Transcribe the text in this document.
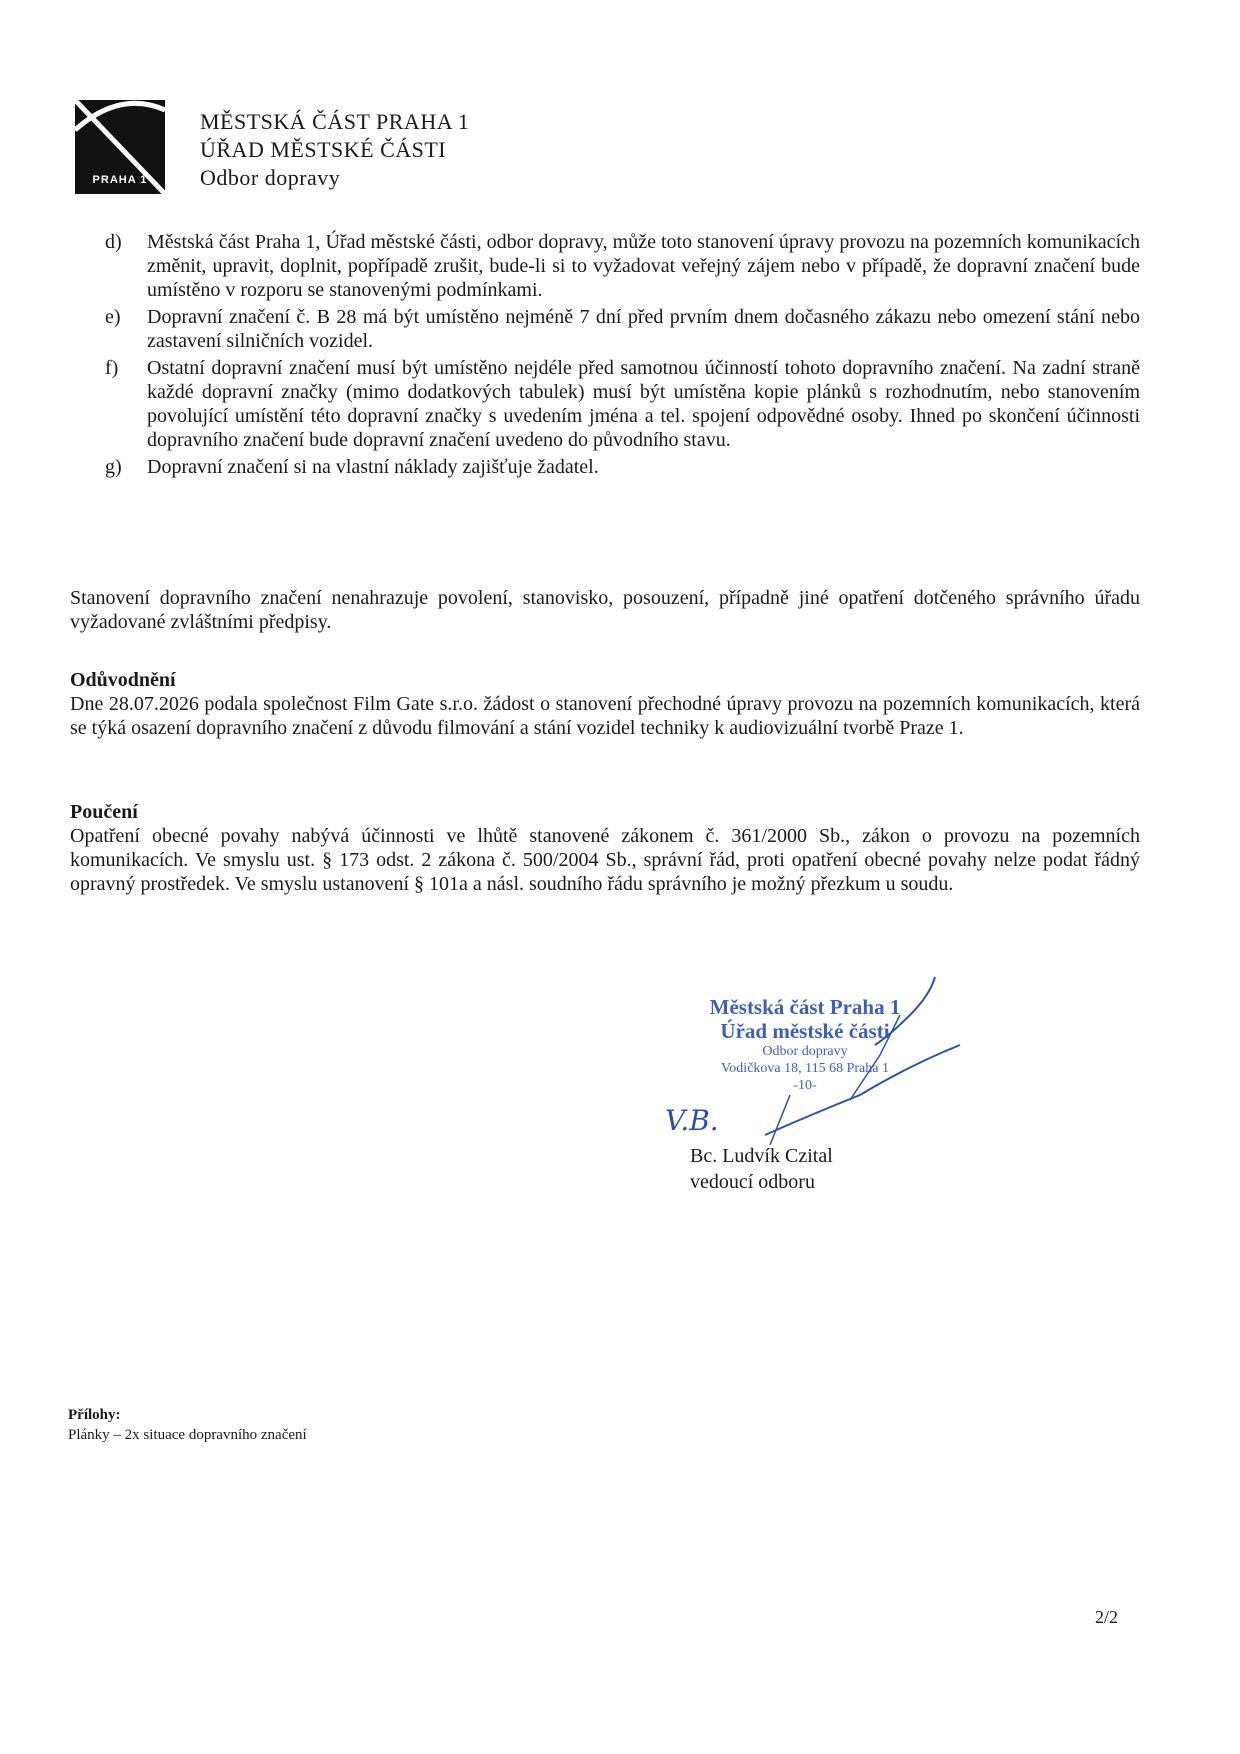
PRAHA 1
MĚSTSKÁ ČÁST PRAHA 1
ÚŘAD MĚSTSKÉ ČÁSTI
Odbor dopravy
d) Městská část Praha 1, Úřad městské části, odbor dopravy, může toto stanovení úpravy provozu na pozemních komunikacích změnit, upravit, doplnit, popřípadě zrušit, bude-li si to vyžadovat veřejný zájem nebo v případě, že dopravní značení bude umístěno v rozporu se stanovenými podmínkami.
e) Dopravní značení č. B 28 má být umístěno nejméně 7 dní před prvním dnem dočasného zákazu nebo omezení stání nebo zastavení silničních vozidel.
f) Ostatní dopravní značení musí být umístěno nejdéle před samotnou účinností tohoto dopravního značení. Na zadní straně každé dopravní značky (mimo dodatkových tabulek) musí být umístěna kopie plánků s rozhodnutím, nebo stanovením povolující umístění této dopravní značky s uvedením jména a tel. spojení odpovědné osoby. Ihned po skončení účinnosti dopravního značení bude dopravní značení uvedeno do původního stavu.
g) Dopravní značení si na vlastní náklady zajišťuje žadatel.
Stanovení dopravního značení nenahrazuje povolení, stanovisko, posouzení, případně jiné opatření dotčeného správního úřadu vyžadované zvláštními předpisy.
Odůvodnění
Dne 28.07.2026 podala společnost Film Gate s.r.o. žádost o stanovení přechodné úpravy provozu na pozemních komunikacích, která se týká osazení dopravního značení z důvodu filmování a stání vozidel techniky k audiovizuální tvorbě Praze 1.
Poučení
Opatření obecné povahy nabývá účinnosti ve lhůtě stanovené zákonem č. 361/2000 Sb., zákon o provozu na pozemních komunikacích. Ve smyslu ust. § 173 odst. 2 zákona č. 500/2004 Sb., správní řád, proti opatření obecné povahy nelze podat řádný opravný prostředek. Ve smyslu ustanovení § 101a a násl. soudního řádu správního je možný přezkum u soudu.
Městská část Praha 1
Úřad městské části
Odbor dopravy
Vodičkova 18, 115 68 Praha 1
-10-
V.B.
Bc. Ludvík Czital
vedoucí odboru
Přílohy:
Plánky – 2x situace dopravního značení
2/2
